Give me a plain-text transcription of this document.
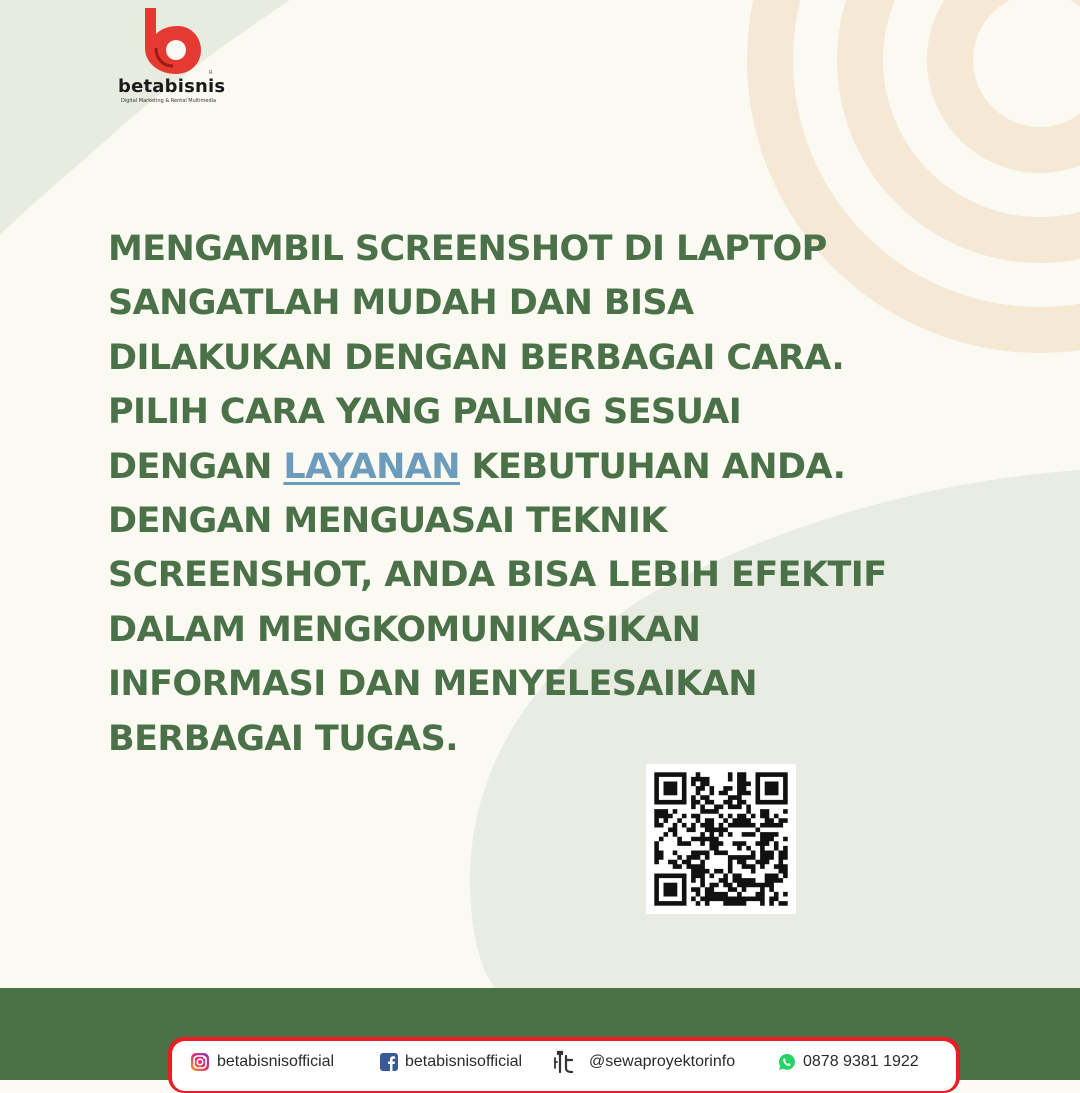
R
betabisnis
Digital Marketing & Rental Multimedia
MENGAMBIL SCREENSHOT DI LAPTOP
SANGATLAH MUDAH DAN BISA
DILAKUKAN DENGAN BERBAGAI CARA.
PILIH CARA YANG PALING SESUAI
DENGAN LAYANAN KEBUTUHAN ANDA.
DENGAN MENGUASAI TEKNIK
SCREENSHOT, ANDA BISA LEBIH EFEKTIF
DALAM MENGKOMUNIKASIKAN
INFORMASI DAN MENYELESAIKAN
BERBAGAI TUGAS.
betabisnisofficial	betabisnisofficial	@sewaproyektorinfo	0878 9381 1922
